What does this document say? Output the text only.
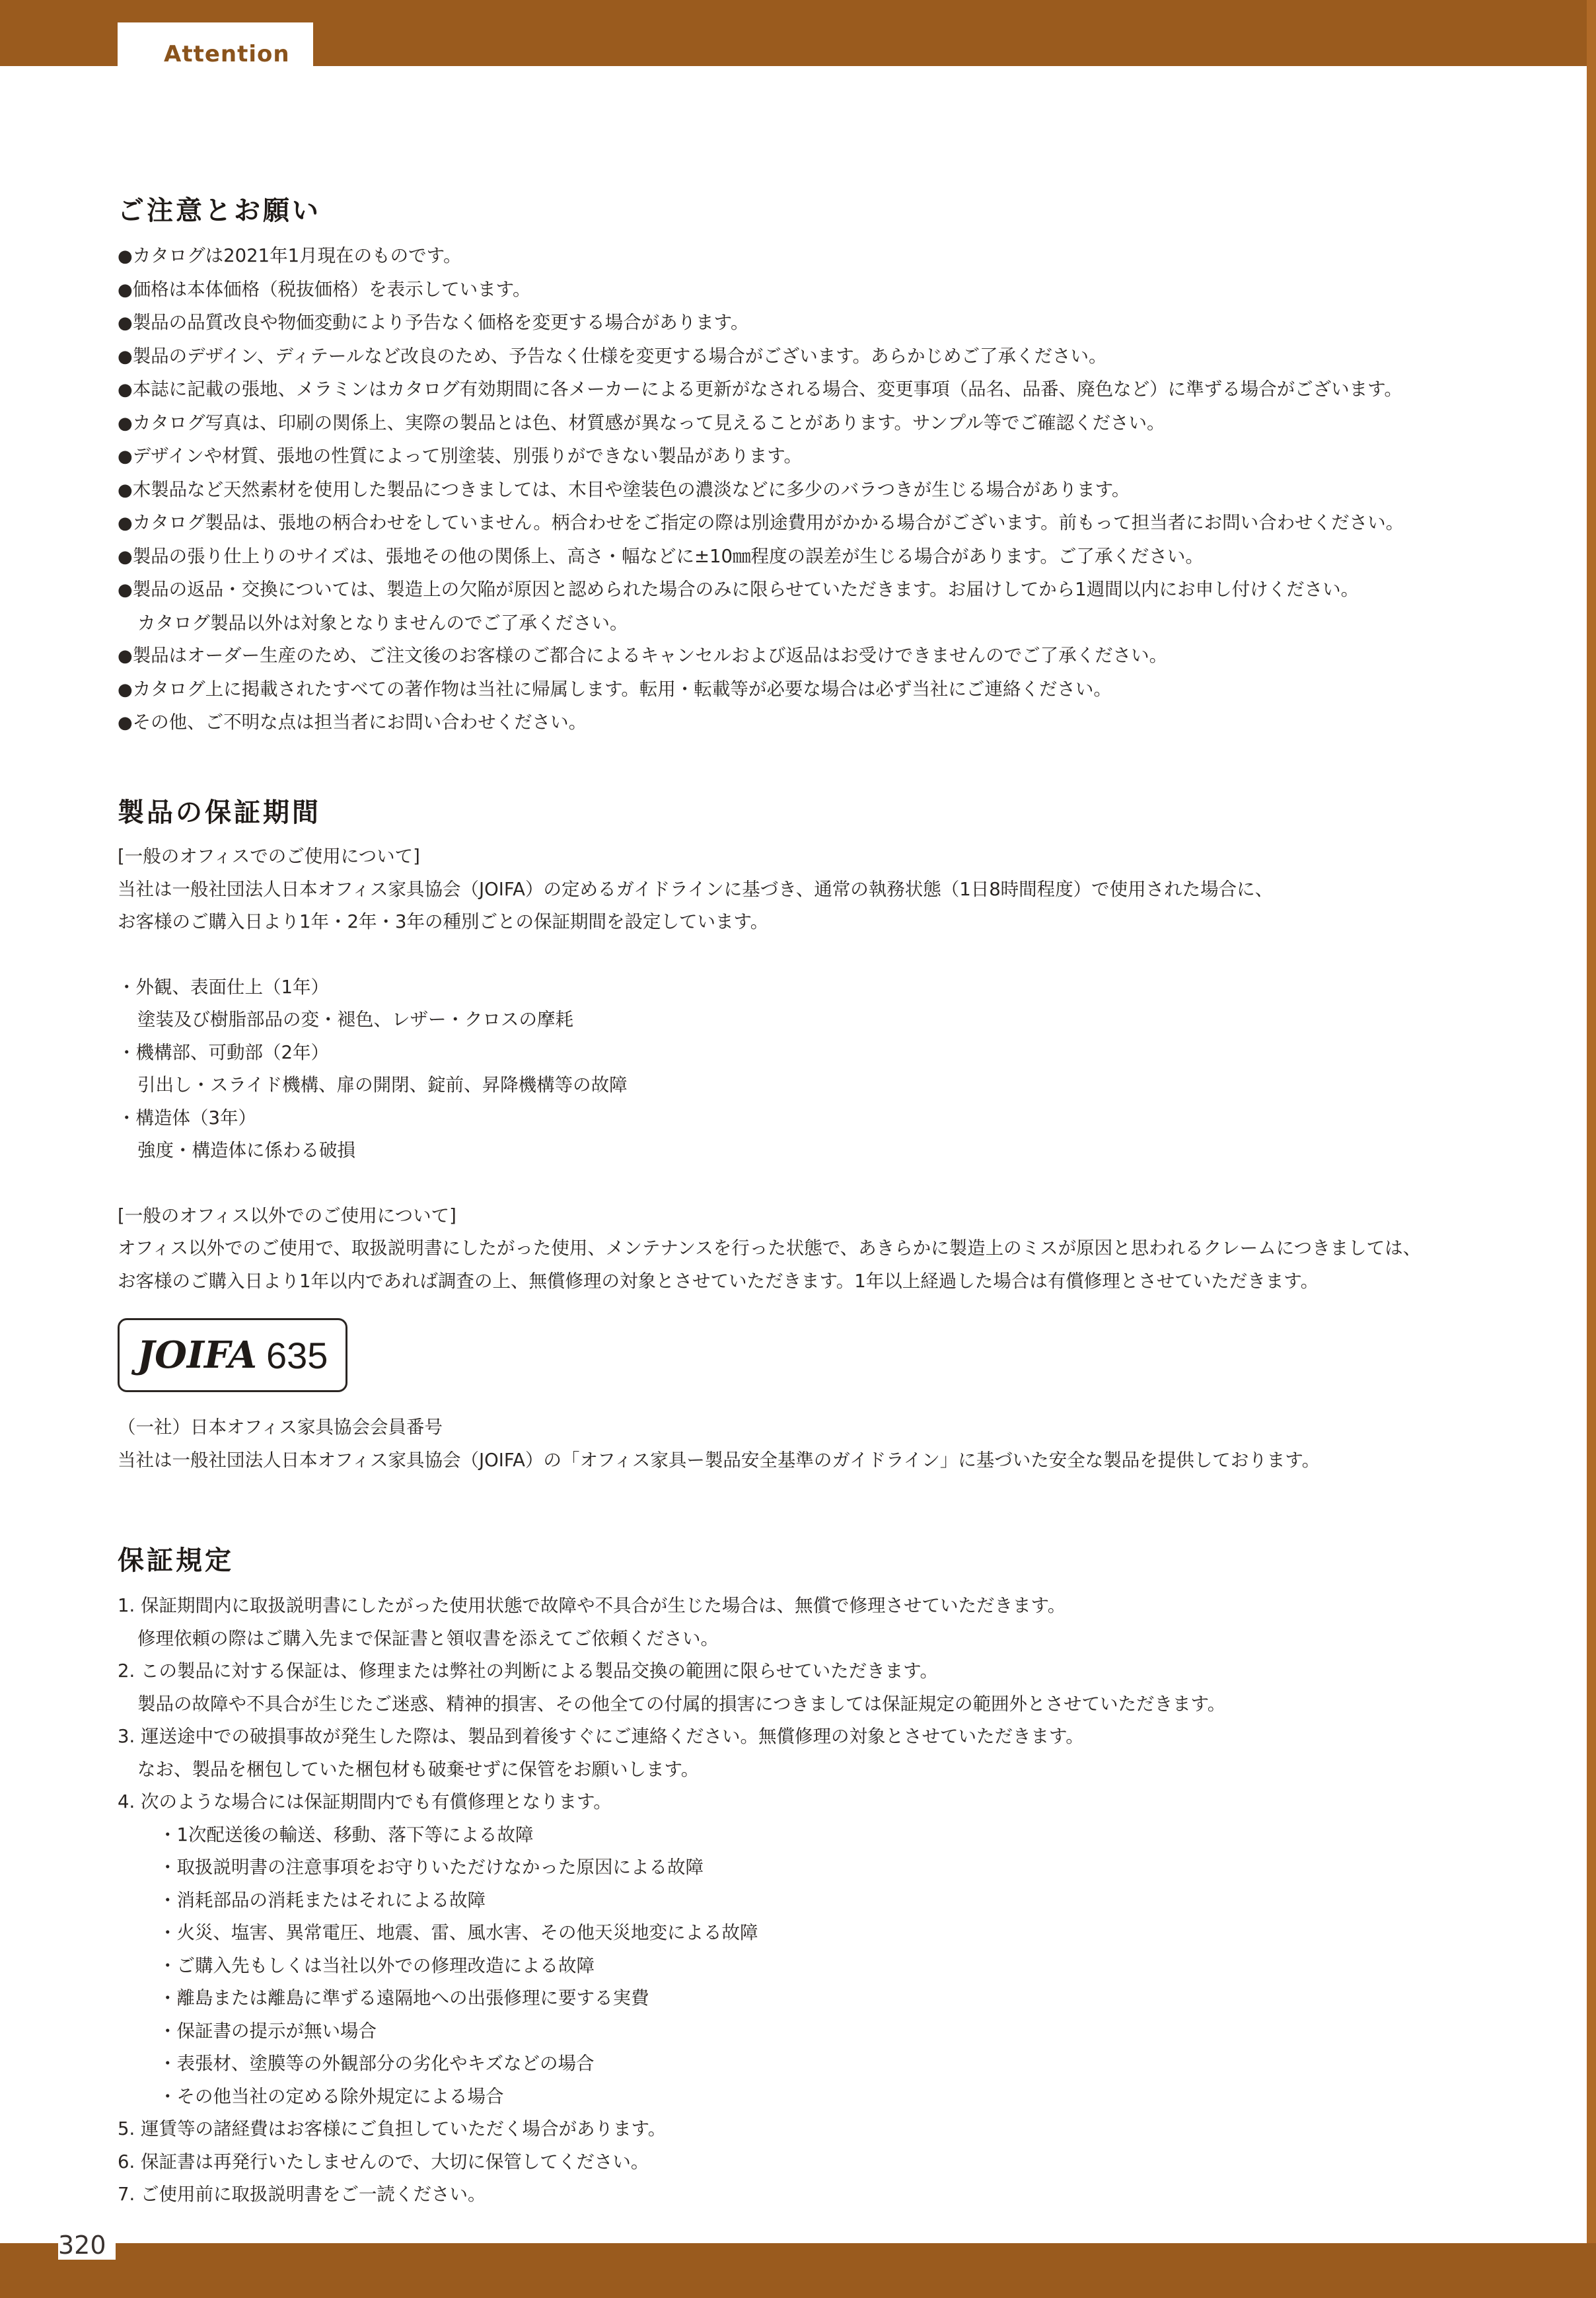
Attention
ご注意とお願い
● カタログは2021年1月現在のものです。
● 価格は本体価格（税抜価格）を表示しています。
● 製品の品質改良や物価変動により予告なく価格を変更する場合があります。
● 製品のデザイン、ディテールなど改良のため、予告なく仕様を変更する場合がございます。あらかじめご了承ください。
● 本誌に記載の張地、メラミンはカタログ有効期間に各メーカーによる更新がなされる場合、変更事項（品名、品番、廃色など）に準ずる場合がございます。
● カタログ写真は、印刷の関係上、実際の製品とは色、材質感が異なって見えることがあります。サンプル等でご確認ください。
● デザインや材質、張地の性質によって別塗装、別張りができない製品があります。
● 木製品など天然素材を使用した製品につきましては、木目や塗装色の濃淡などに多少のバラつきが生じる場合があります。
● カタログ製品は、張地の柄合わせをしていません。柄合わせをご指定の際は別途費用がかかる場合がございます。前もって担当者にお問い合わせください。
● 製品の張り仕上りのサイズは、張地その他の関係上、高さ・幅などに±10㎜程度の誤差が生じる場合があります。ご了承ください。
● 製品の返品・交換については、製造上の欠陥が原因と認められた場合のみに限らせていただきます。お届けしてから1週間以内にお申し付けください。
カタログ製品以外は対象となりませんのでご了承ください。
● 製品はオーダー生産のため、ご注文後のお客様のご都合によるキャンセルおよび返品はお受けできませんのでご了承ください。
● カタログ上に掲載されたすべての著作物は当社に帰属します。転用・転載等が必要な場合は必ず当社にご連絡ください。
● その他、ご不明な点は担当者にお問い合わせください。
製品の保証期間
[一般のオフィスでのご使用について]
当社は一般社団法人日本オフィス家具協会（JOIFA）の定めるガイドラインに基づき、通常の執務状態（1日8時間程度）で使用された場合に、
お客様のご購入日より1年・2年・3年の種別ごとの保証期間を設定しています。
・外観、表面仕上（1年）
塗装及び樹脂部品の変・褪色、レザー・クロスの摩耗
・機構部、可動部（2年）
引出し・スライド機構、扉の開閉、錠前、昇降機構等の故障
・構造体（3年）
強度・構造体に係わる破損
[一般のオフィス以外でのご使用について]
オフィス以外でのご使用で、取扱説明書にしたがった使用、メンテナンスを行った状態で、あきらかに製造上のミスが原因と思われるクレームにつきましては、
お客様のご購入日より1年以内であれば調査の上、無償修理の対象とさせていただきます。1年以上経過した場合は有償修理とさせていただきます。
JOIFA 635
（一社）日本オフィス家具協会会員番号
当社は一般社団法人日本オフィス家具協会（JOIFA）の「オフィス家具ー製品安全基準のガイドライン」に基づいた安全な製品を提供しております。
保証規定
1. 保証期間内に取扱説明書にしたがった使用状態で故障や不具合が生じた場合は、無償で修理させていただきます。
修理依頼の際はご購入先まで保証書と領収書を添えてご依頼ください。
2. この製品に対する保証は、修理または弊社の判断による製品交換の範囲に限らせていただきます。
製品の故障や不具合が生じたご迷惑、精神的損害、その他全ての付属的損害につきましては保証規定の範囲外とさせていただきます。
3. 運送途中での破損事故が発生した際は、製品到着後すぐにご連絡ください。無償修理の対象とさせていただきます。
なお、製品を梱包していた梱包材も破棄せずに保管をお願いします。
4. 次のような場合には保証期間内でも有償修理となります。
・1次配送後の輸送、移動、落下等による故障
・取扱説明書の注意事項をお守りいただけなかった原因による故障
・消耗部品の消耗またはそれによる故障
・火災、塩害、異常電圧、地震、雷、風水害、その他天災地変による故障
・ご購入先もしくは当社以外での修理改造による故障
・離島または離島に準ずる遠隔地への出張修理に要する実費
・保証書の提示が無い場合
・表張材、塗膜等の外観部分の劣化やキズなどの場合
・その他当社の定める除外規定による場合
5. 運賃等の諸経費はお客様にご負担していただく場合があります。
6. 保証書は再発行いたしませんので、大切に保管してください。
7. ご使用前に取扱説明書をご一読ください。
320
